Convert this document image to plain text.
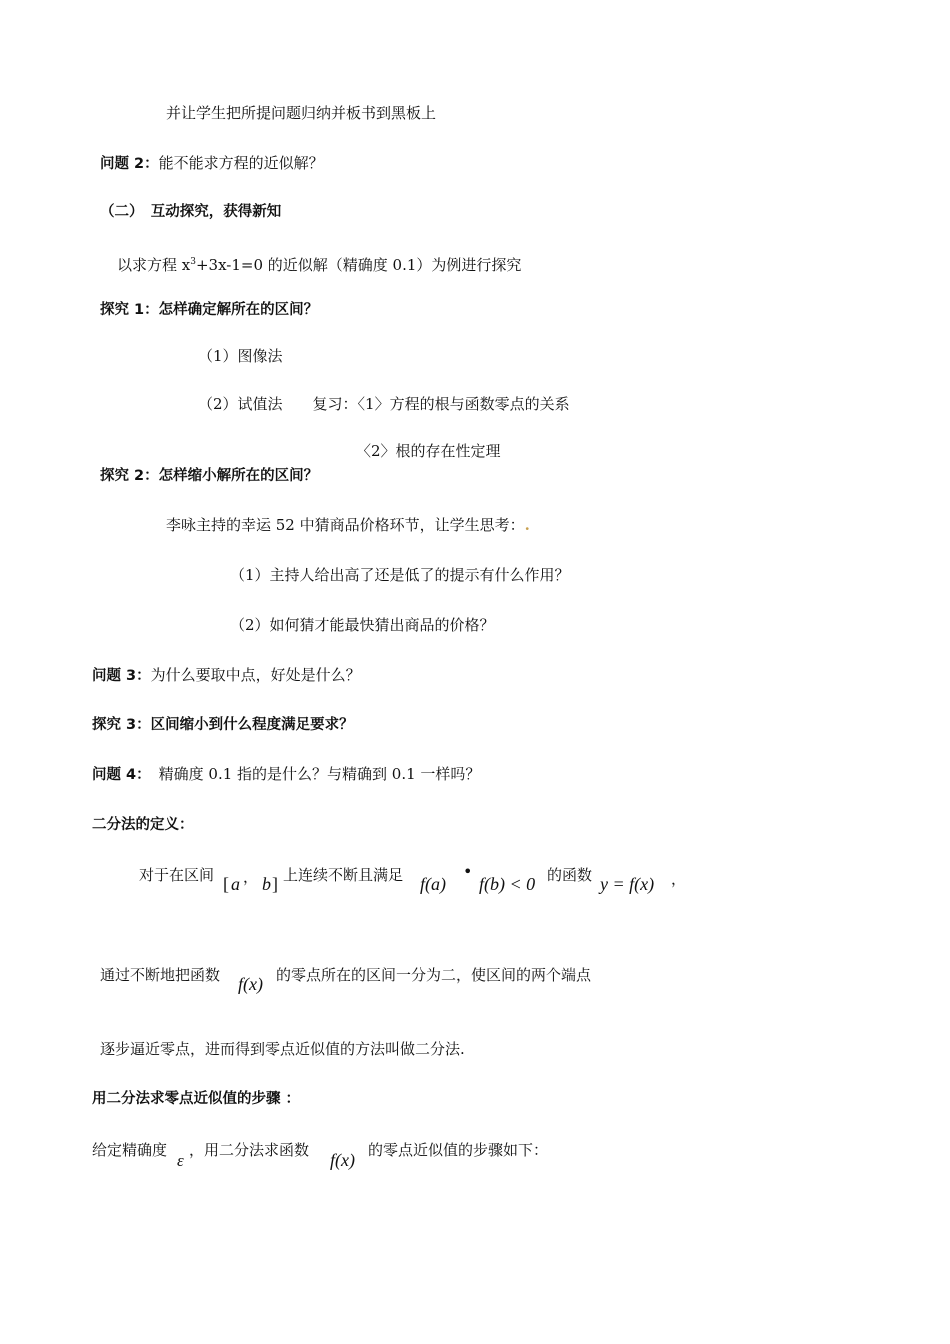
并让学生把所提问题归纳并板书到黑板上
问题 2：能不能求方程的近似解？
（二）　互动探究，获得新知
以求方程 $x^3+3x-1=0$ 的近似解（精确度 0.1）为例进行探究
探究 1：怎样确定解所在的区间？
（1）图像法
（2）试值法　　复习：〈1〉方程的根与函数零点的关系
〈2〉根的存在性定理
探究 2：怎样缩小解所在的区间？
李咏主持的幸运 52 中猜商品价格环节，让学生思考：.
（1）主持人给出高了还是低了的提示有什么作用？
（2）如何猜才能最快猜出商品的价格？
问题 3：为什么要取中点，好处是什么？
探究 3：区间缩小到什么程度满足要求？
问题 4： 精确度 0.1 指的是什么？与精确到 0.1 一样吗？
二分法的定义：
对于在区间 [ a ， b ] 上连续不断且满足 f(a)
•
f(b) < 0 的函数 y = f(x) ，
通过不断地把函数 f(x) 的零点所在的区间一分为二，使区间的两个端点
逐步逼近零点，进而得到零点近似值的方法叫做二分法.
用二分法求零点近似值的步骤 ：
给定精确度
ε
，用二分法求函数 f(x) 的零点近似值的步骤如下：
